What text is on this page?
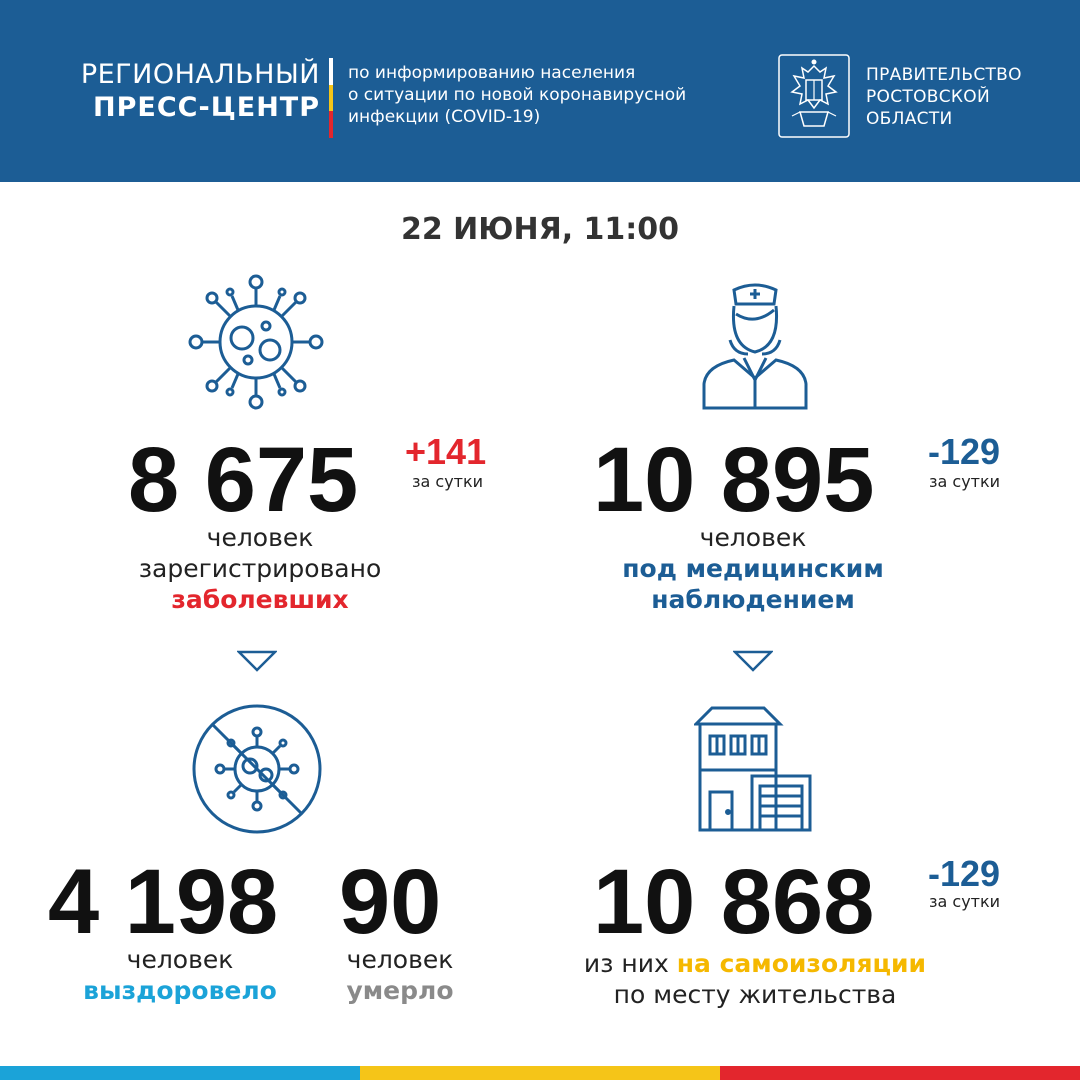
РЕГИОНАЛЬНЫЙ
ПРЕСС-ЦЕНТР
по информированию населения
о ситуации по новой коронавирусной
инфекции (COVID-19)
ПРАВИТЕЛЬСТВО
РОСТОВСКОЙ
ОБЛАСТИ
22 ИЮНЯ, 11:00
8 675 +141
за сутки
человек
зарегистрировано
заболевших
10 895 -129
за сутки
человек
под медицинским
наблюдением
4 198
человек
выздоровело
90
человек
умерло
10 868 -129
за сутки
из них на самоизоляции
по месту жительства
